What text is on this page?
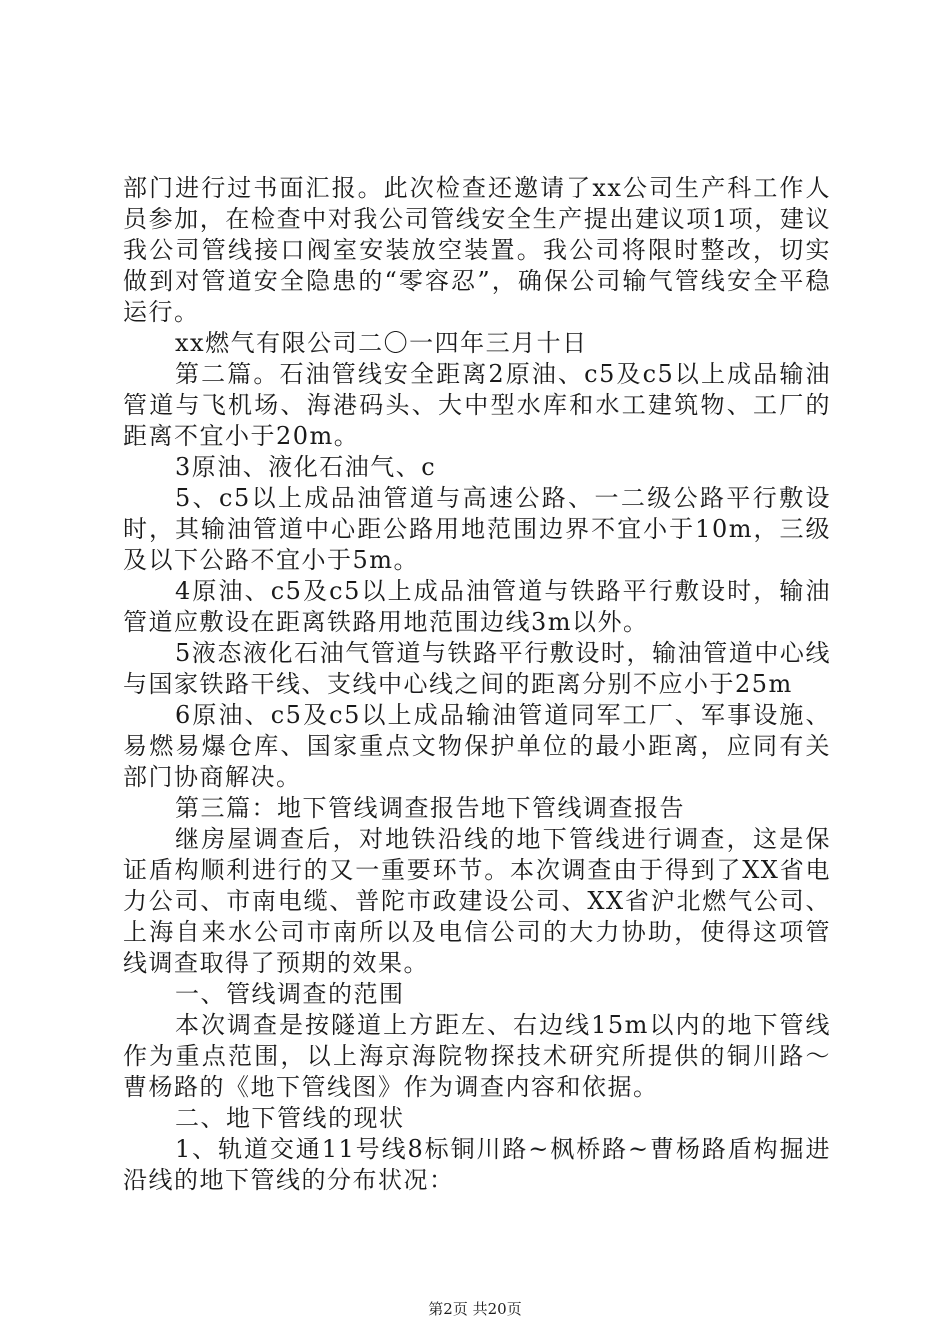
部门进行过书面汇报。此次检查还邀请了xx公司生产科工作人员参加，在检查中对我公司管线安全生产提出建议项1项，建议我公司管线接口阀室安装放空装置。我公司将限时整改，切实做到对管道安全隐患的“零容忍”，确保公司输气管线安全平稳运行。

xx燃气有限公司二〇一四年三月十日

第二篇。石油管线安全距离2原油、c5及c5以上成品输油管道与飞机场、海港码头、大中型水库和水工建筑物、工厂的距离不宜小于20m。

3原油、液化石油气、c

5、c5以上成品油管道与高速公路、一二级公路平行敷设时，其输油管道中心距公路用地范围边界不宜小于10m，三级及以下公路不宜小于5m。

4原油、c5及c5以上成品油管道与铁路平行敷设时，输油管道应敷设在距离铁路用地范围边线3m以外。

5液态液化石油气管道与铁路平行敷设时，输油管道中心线与国家铁路干线、支线中心线之间的距离分别不应小于25m

6原油、c5及c5以上成品输油管道同军工厂、军事设施、易燃易爆仓库、国家重点文物保护单位的最小距离，应同有关部门协商解决。

第三篇：地下管线调查报告地下管线调查报告

继房屋调查后，对地铁沿线的地下管线进行调查，这是保证盾构顺利进行的又一重要环节。本次调查由于得到了XX省电力公司、市南电缆、普陀市政建设公司、XX省沪北燃气公司、上海自来水公司市南所以及电信公司的大力协助，使得这项管线调查取得了预期的效果。

一、管线调查的范围

本次调查是按隧道上方距左、右边线15m以内的地下管线作为重点范围，以上海京海院物探技术研究所提供的铜川路～曹杨路的《地下管线图》作为调查内容和依据。

二、地下管线的现状

1、轨道交通11号线8标铜川路~枫桥路~曹杨路盾构掘进沿线的地下管线的分布状况：

第2页 共20页
